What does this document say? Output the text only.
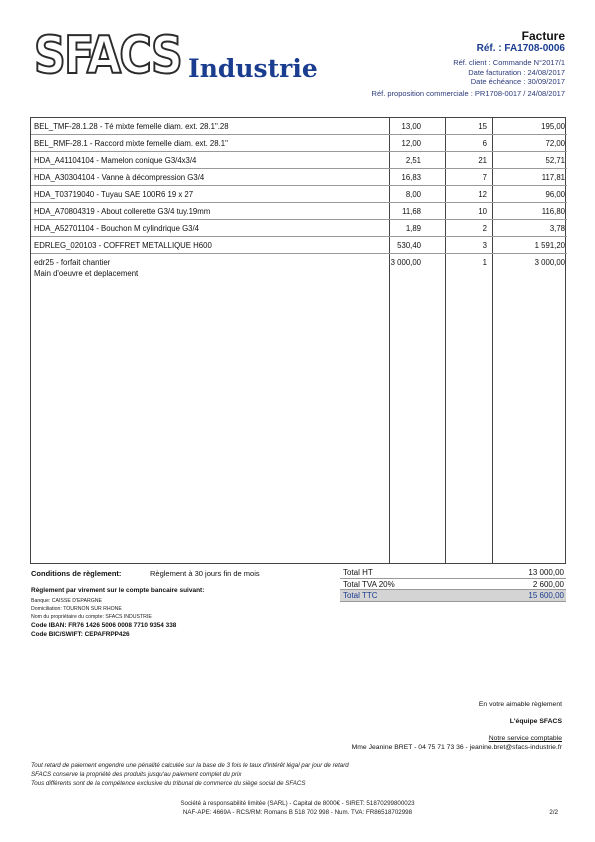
SFACS Industrie
Facture
Réf. : FA1708-0006
Réf. client : Commande N°2017/1
Date facturation : 24/08/2017
Date échéance : 30/09/2017
Réf. proposition commerciale : PR1708-0017 / 24/08/2017
BEL_TMF-28.1.28 - Té mixte femelle diam. ext. 28.1".28	13,00	15	195,00
BEL_RMF-28.1 - Raccord mixte femelle diam. ext. 28.1"	12,00	6	72,00
HDA_A41104104 - Mamelon conique G3/4x3/4	2,51	21	52,71
HDA_A30304104 - Vanne à décompression G3/4	16,83	7	117,81
HDA_T03719040 - Tuyau SAE 100R6 19 x 27	8,00	12	96,00
HDA_A70804319 - About collerette G3/4 tuy.19mm	11,68	10	116,80
HDA_A52701104 - Bouchon M cylindrique G3/4	1,89	2	3,78
EDRLEG_020103 - COFFRET METALLIQUE H600	530,40	3	1 591,20
edr25 - forfait chantier
Main d'oeuvre et deplacement
3 000,00	1	3 000,00
Conditions de règlement:	Règlement à 30 jours fin de mois
Règlement par virement sur le compte bancaire suivant:
Banque: CAISSE D'EPARGNE
Domiciliation: TOURNON SUR RHONE
Nom du propriétaire du compte: SFACS INDUSTRIE
Code IBAN: FR76 1426 5006 0008 7710 9354 338
Code BIC/SWIFT: CEPAFRPP426
Total HT	13 000,00
Total TVA 20%	2 600,00
Total TTC	15 600,00
En votre aimable règlement
L'équipe SFACS
Notre service comptable
Mme Jeanine BRET - 04 75 71 73 36 - jeanine.bret@sfacs-industrie.fr
Tout retard de paiement engendre une pénalité calculée sur la base de 3 fois le taux d'intérêt légal par jour de retard
SFACS conserve la propriété des produits jusqu'au paiement complet du prix
Tous différents sont de la compétence exclusive du tribunal de commerce du siège social de SFACS
Société à responsabilité limitée (SARL) - Capital de 8000€ - SIRET: 51870299800023
NAF-APE: 4669A - RCS/RM: Romans B 518 702 998 - Num. TVA: FR86518702998	2/2
